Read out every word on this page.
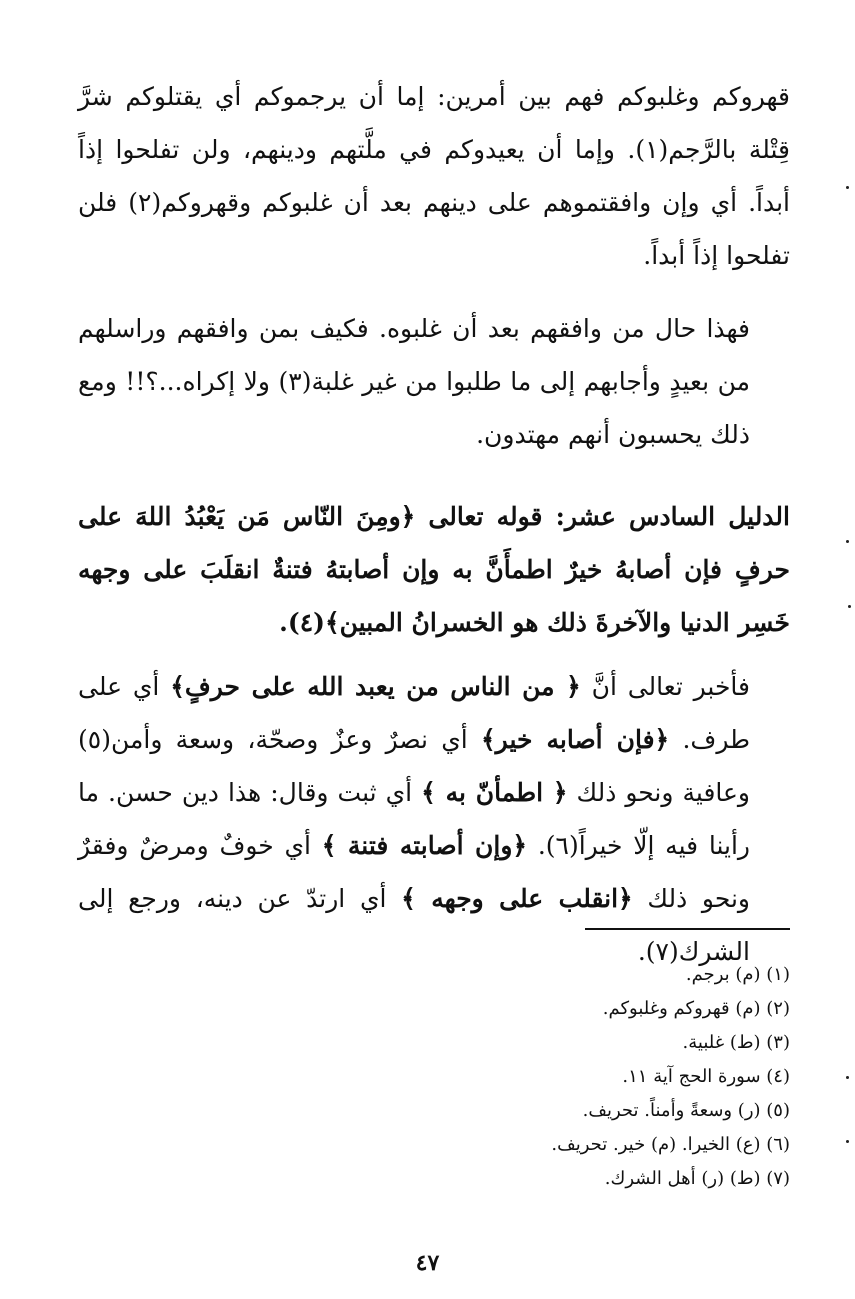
قهروكم وغلبوكم فهم بين أمرين: إما أن يرجموكم أي يقتلوكم شرَّ قِتْلة بالرَّجم(١). وإما أن يعيدوكم في ملَّتهم ودينهم، ولن تفلحوا إذاً أبداً. أي وإن وافقتموهم على دينهم بعد أن غلبوكم وقهروكم(٢) فلن تفلحوا إذاً أبداً.

فهذا حال من وافقهم بعد أن غلبوه. فكيف بمن وافقهم وراسلهم من بعيدٍ وأجابهم إلى ما طلبوا من غير غلبة(٣) ولا إكراه...؟!! ومع ذلك يحسبون أنهم مهتدون.

الدليل السادس عشر: قوله تعالى ﴿ومِنَ النّاس مَن يَعْبُدُ اللهَ على حرفٍ فإن أصابهُ خيرٌ اطمأَنَّ به وإن أصابتهُ فتنةٌ انقلَبَ على وجهه خَسِر الدنيا والآخرةَ ذلك هو الخسرانُ المبين﴾(٤).

فأخبر تعالى أنَّ ﴿ من الناس من يعبد الله على حرفٍ﴾ أي على طرف. ﴿فإن أصابه خير﴾ أي نصرٌ وعزٌ وصحّة، وسعة وأمن(٥) وعافية ونحو ذلك ﴿ اطمأنّ به ﴾ أي ثبت وقال: هذا دين حسن. ما رأينا فيه إلّا خيراً(٦). ﴿وإن أصابته فتنة ﴾ أي خوفٌ ومرضٌ وفقرٌ ونحو ذلك ﴿انقلب على وجهه ﴾ أي ارتدّ عن دينه، ورجع إلى الشرك(٧).

(١) (م) برجم.
(٢) (م) قهروكم وغلبوكم.
(٣) (ط) غلبية.
(٤) سورة الحج آية ١١.
(٥) (ر) وسعةً وأمناً. تحريف.
(٦) (ع) الخيرا. (م) خير. تحريف.
(٧) (ط) (ر) أهل الشرك.
٤٧
